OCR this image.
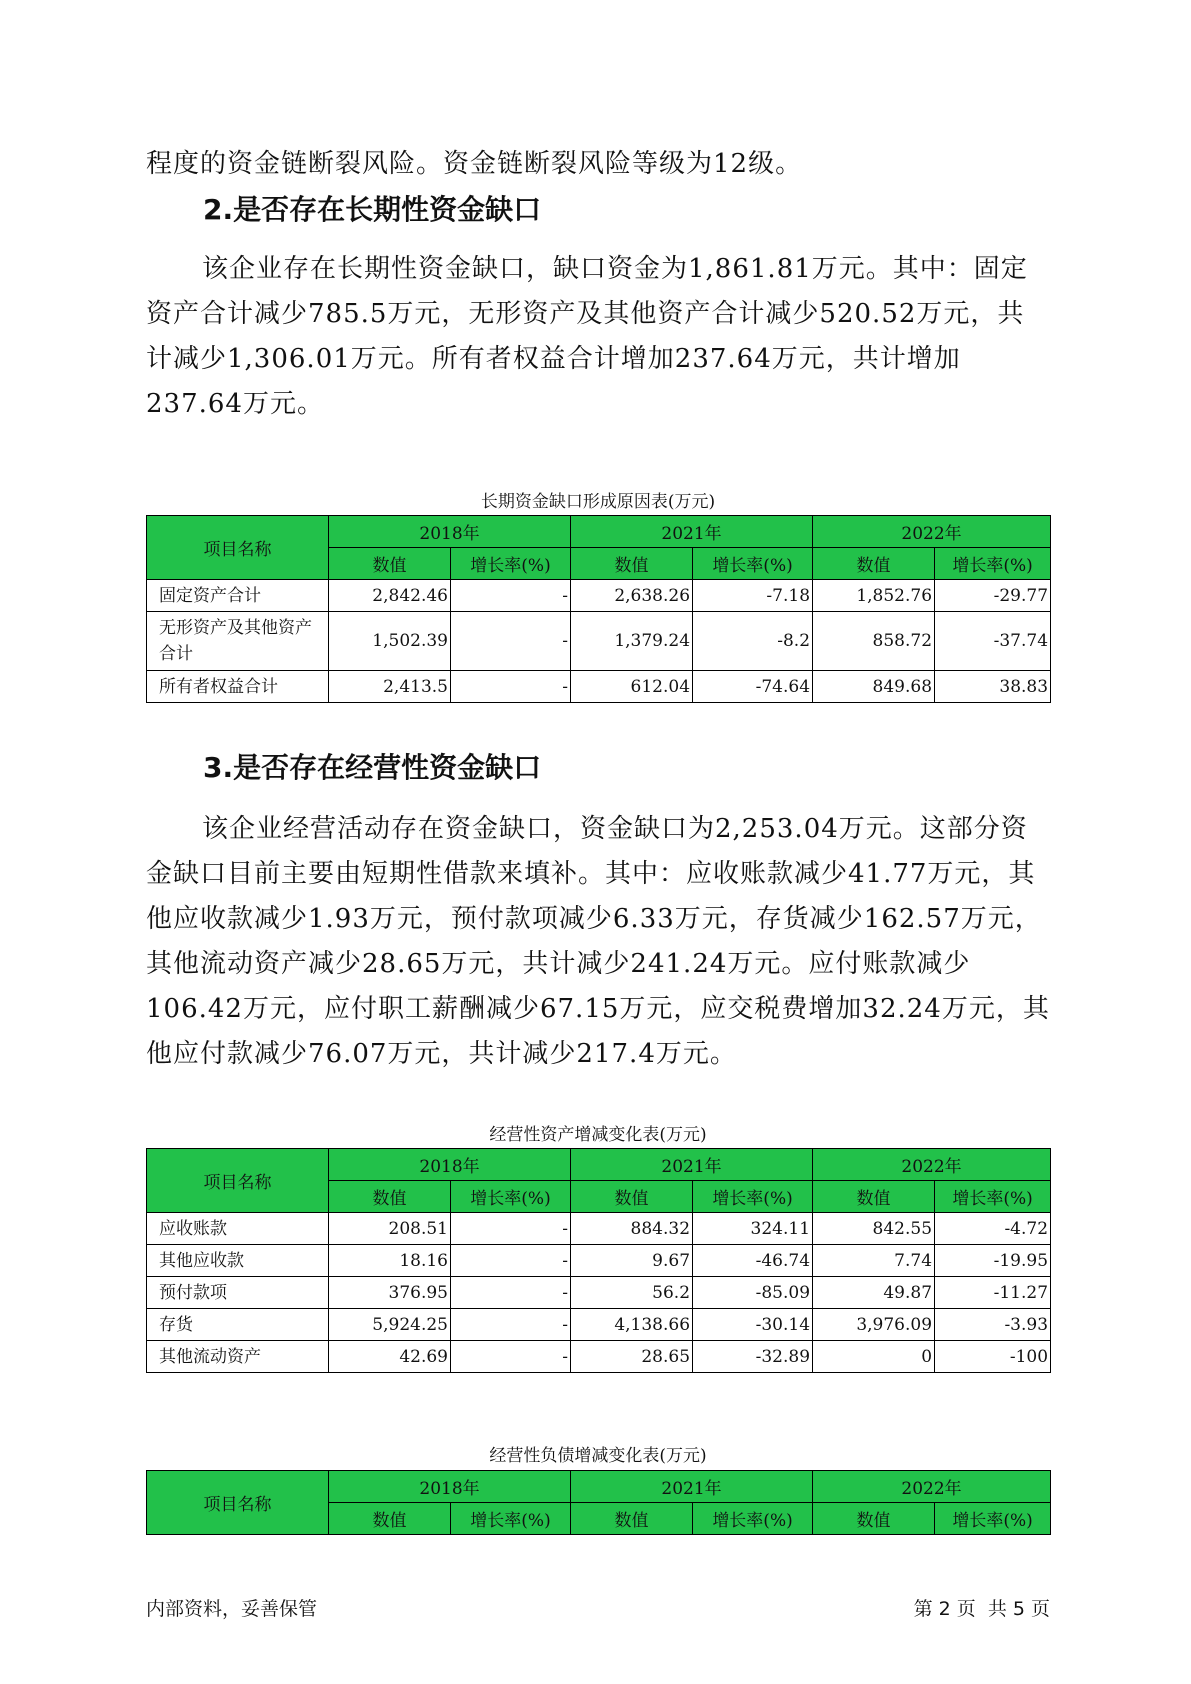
程度的资金链断裂风险。资金链断裂风险等级为12级。

2.是否存在长期性资金缺口

该企业存在长期性资金缺口，缺口资金为1,861.81万元。其中：固定资产合计减少785.5万元，无形资产及其他资产合计减少520.52万元，共计减少1,306.01万元。所有者权益合计增加237.64万元，共计增加237.64万元。

长期资金缺口形成原因表(万元)
项目名称	2018年		2021年		2022年	
	数值	增长率(%)	数值	增长率(%)	数值	增长率(%)
固定资产合计	2,842.46	-	2,638.26	-7.18	1,852.76	-29.77
无形资产及其他资产合计	1,502.39	-	1,379.24	-8.2	858.72	-37.74
所有者权益合计	2,413.5	-	612.04	-74.64	849.68	38.83
3.是否存在经营性资金缺口

该企业经营活动存在资金缺口，资金缺口为2,253.04万元。这部分资金缺口目前主要由短期性借款来填补。其中：应收账款减少41.77万元，其他应收款减少1.93万元，预付款项减少6.33万元，存货减少162.57万元，其他流动资产减少28.65万元，共计减少241.24万元。应付账款减少106.42万元，应付职工薪酬减少67.15万元，应交税费增加32.24万元，其他应付款减少76.07万元，共计减少217.4万元。

经营性资产增减变化表(万元)
项目名称	2018年		2021年		2022年	
	数值	增长率(%)	数值	增长率(%)	数值	增长率(%)
应收账款	208.51	-	884.32	324.11	842.55	-4.72
其他应收款	18.16	-	9.67	-46.74	7.74	-19.95
预付款项	376.95	-	56.2	-85.09	49.87	-11.27
存货	5,924.25	-	4,138.66	-30.14	3,976.09	-3.93
其他流动资产	42.69	-	28.65	-32.89	0	-100
经营性负债增减变化表(万元)
项目名称	2018年		2021年		2022年	
	数值	增长率(%)	数值	增长率(%)	数值	增长率(%)
内部资料，妥善保管	第 2 页  共 5 页
